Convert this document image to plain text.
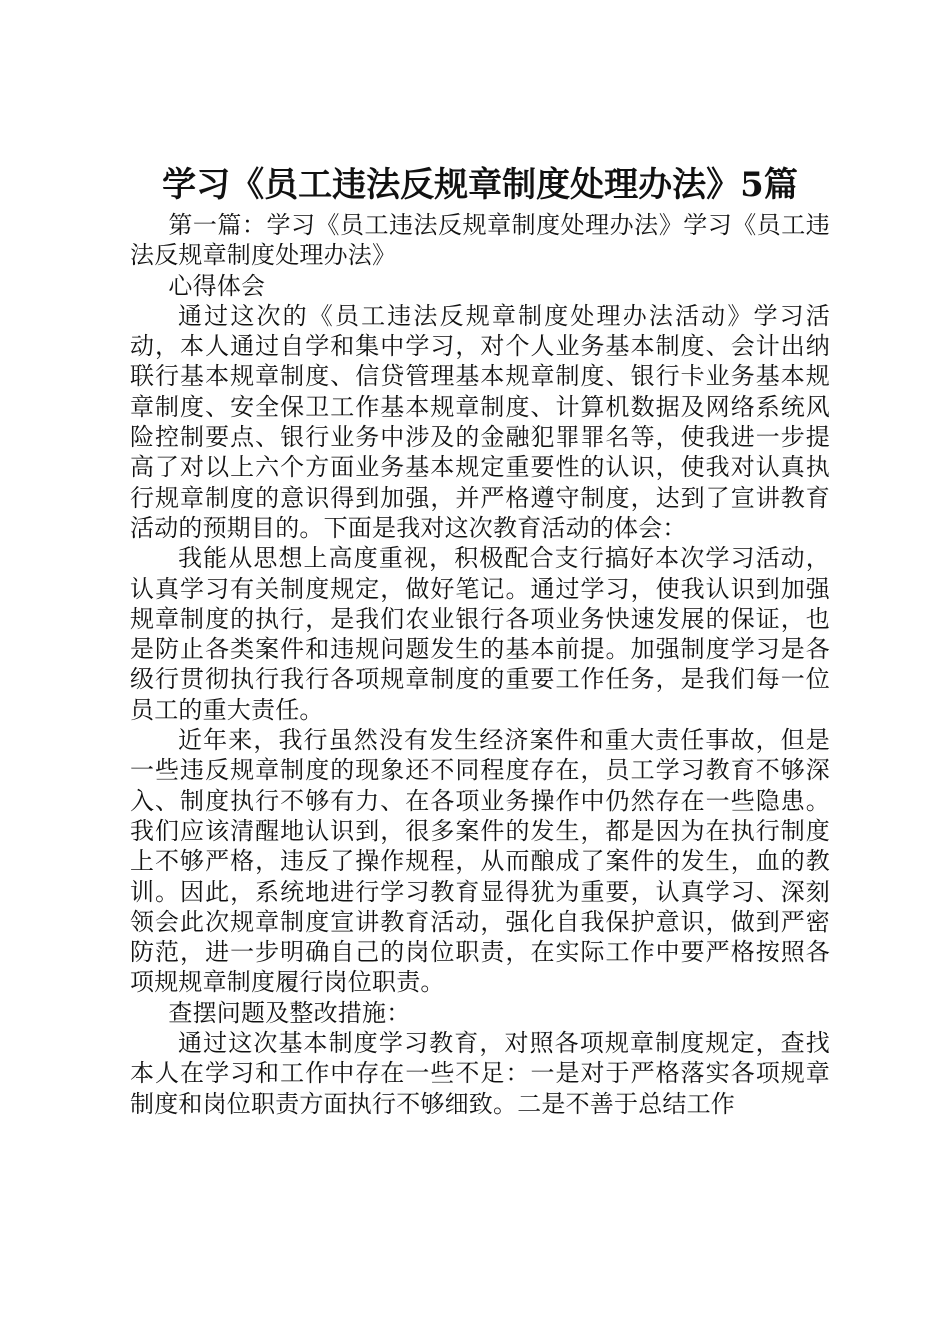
学习《员工违法反规章制度处理办法》5篇

第一篇：学习《员工违法反规章制度处理办法》学习《员工违法反规章制度处理办法》

心得体会

通过这次的《员工违法反规章制度处理办法活动》学习活动，本人通过自学和集中学习，对个人业务基本制度、会计出纳联行基本规章制度、信贷管理基本规章制度、银行卡业务基本规章制度、安全保卫工作基本规章制度、计算机数据及网络系统风险控制要点、银行业务中涉及的金融犯罪罪名等，使我进一步提高了对以上六个方面业务基本规定重要性的认识，使我对认真执行规章制度的意识得到加强，并严格遵守制度，达到了宣讲教育活动的预期目的。下面是我对这次教育活动的体会：

我能从思想上高度重视，积极配合支行搞好本次学习活动，认真学习有关制度规定，做好笔记。通过学习，使我认识到加强规章制度的执行，是我们农业银行各项业务快速发展的保证，也是防止各类案件和违规问题发生的基本前提。加强制度学习是各级行贯彻执行我行各项规章制度的重要工作任务，是我们每一位员工的重大责任。

近年来，我行虽然没有发生经济案件和重大责任事故，但是一些违反规章制度的现象还不同程度存在，员工学习教育不够深入、制度执行不够有力、在各项业务操作中仍然存在一些隐患。我们应该清醒地认识到，很多案件的发生，都是因为在执行制度上不够严格，违反了操作规程，从而酿成了案件的发生，血的教训。因此，系统地进行学习教育显得犹为重要，认真学习、深刻领会此次规章制度宣讲教育活动，强化自我保护意识，做到严密防范，进一步明确自己的岗位职责，在实际工作中要严格按照各项规规章制度履行岗位职责。

查摆问题及整改措施：

通过这次基本制度学习教育，对照各项规章制度规定，查找本人在学习和工作中存在一些不足：一是对于严格落实各项规章制度和岗位职责方面执行不够细致。二是不善于总结工作
